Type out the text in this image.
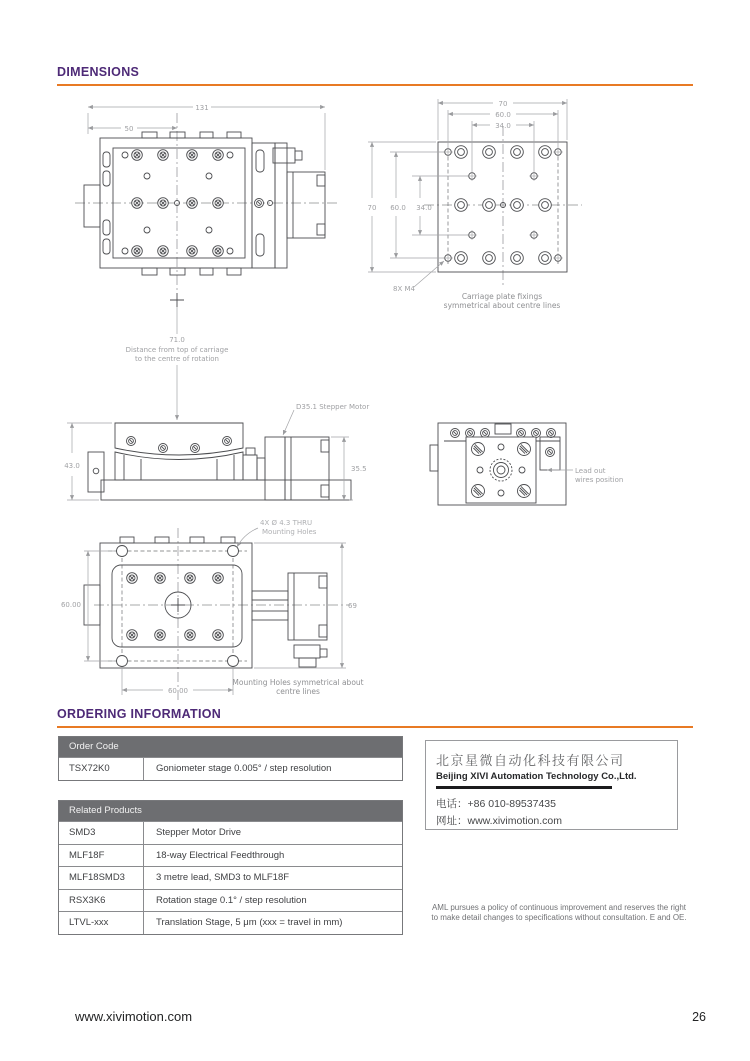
DIMENSIONS
131
50
71.0
Distance from top of carriage
to the centre of rotation
70
60.0
34.0
70 60.0 34.0
8X M4
Carriage plate fixings
symmetrical about centre lines
43.0	35.5
D35.1 Stepper Motor
Lead out
wires position
60.00	69
60.00
4X Ø 4.3 THRU
Mounting Holes
Mounting Holes symmetrical about
centre lines
ORDERING INFORMATION
Order Code
TSX72K0	Goniometer stage 0.005° / step resolution
Related Products
SMD3	Stepper Motor Drive
MLF18F	18-way Electrical Feedthrough
MLF18SMD3	3 metre lead, SMD3 to MLF18F
RSX3K6	Rotation stage 0.1° / step resolution
LTVL-xxx	Translation Stage, 5 μm (xxx = travel in mm)
北京星微自动化科技有限公司
Beijing XIVI Automation Technology Co.,Ltd.
电话：+86 010-89537435
网址：www.xivimotion.com
AML pursues a policy of continuous improvement and reserves the right
to make detail changes to specifications without consultation. E and OE.
www.xivimotion.com	26
